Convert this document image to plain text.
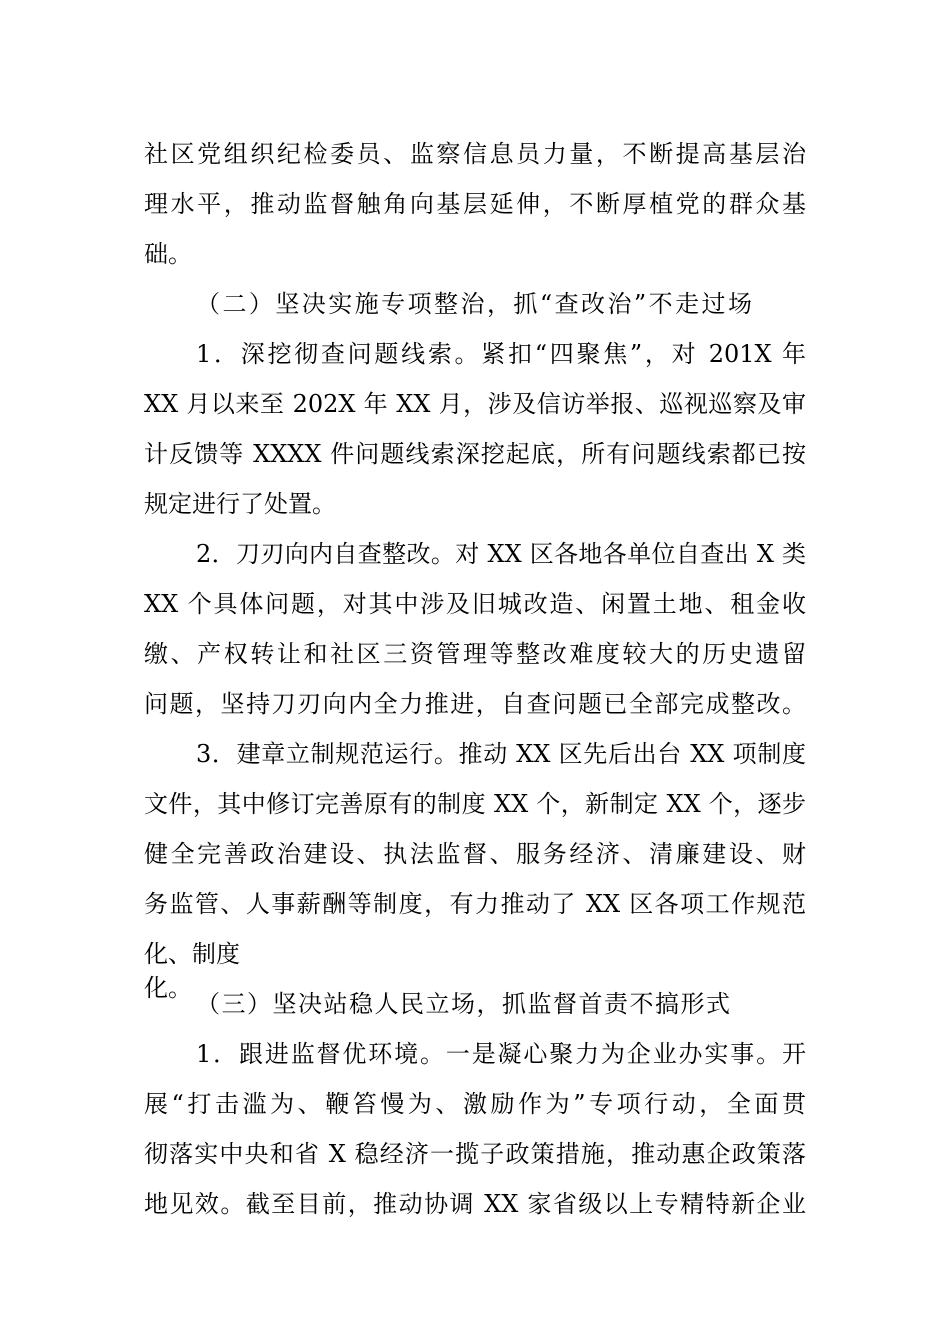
社区党组织纪检委员、监察信息员力量，不断提高基层治
理水平，推动监督触角向基层延伸，不断厚植党的群众基
础。
（二）坚决实施专项整治，抓“查改治”不走过场
1．深挖彻查问题线索。紧扣“四聚焦”，对 201X 年
XX 月以来至 202X 年 XX 月，涉及信访举报、巡视巡察及审
计反馈等 XXXX 件问题线索深挖起底，所有问题线索都已按
规定进行了处置。
2．刀刃向内自查整改。对 XX 区各地各单位自查出 X 类
XX 个具体问题，对其中涉及旧城改造、闲置土地、租金收
缴、产权转让和社区三资管理等整改难度较大的历史遗留
问题，坚持刀刃向内全力推进，自查问题已全部完成整改。
3．建章立制规范运行。推动 XX 区先后出台 XX 项制度
文件，其中修订完善原有的制度 XX 个，新制定 XX 个，逐步
健全完善政治建设、执法监督、服务经济、清廉建设、财
务监管、人事薪酬等制度，有力推动了 XX 区各项工作规范
化、制度化。
（三）坚决站稳人民立场，抓监督首责不搞形式
1．跟进监督优环境。一是凝心聚力为企业办实事。开
展“打击滥为、鞭笞慢为、激励作为”专项行动，全面贯
彻落实中央和省 X 稳经济一揽子政策措施，推动惠企政策落
地见效。截至目前，推动协调 XX 家省级以上专精特新企业
